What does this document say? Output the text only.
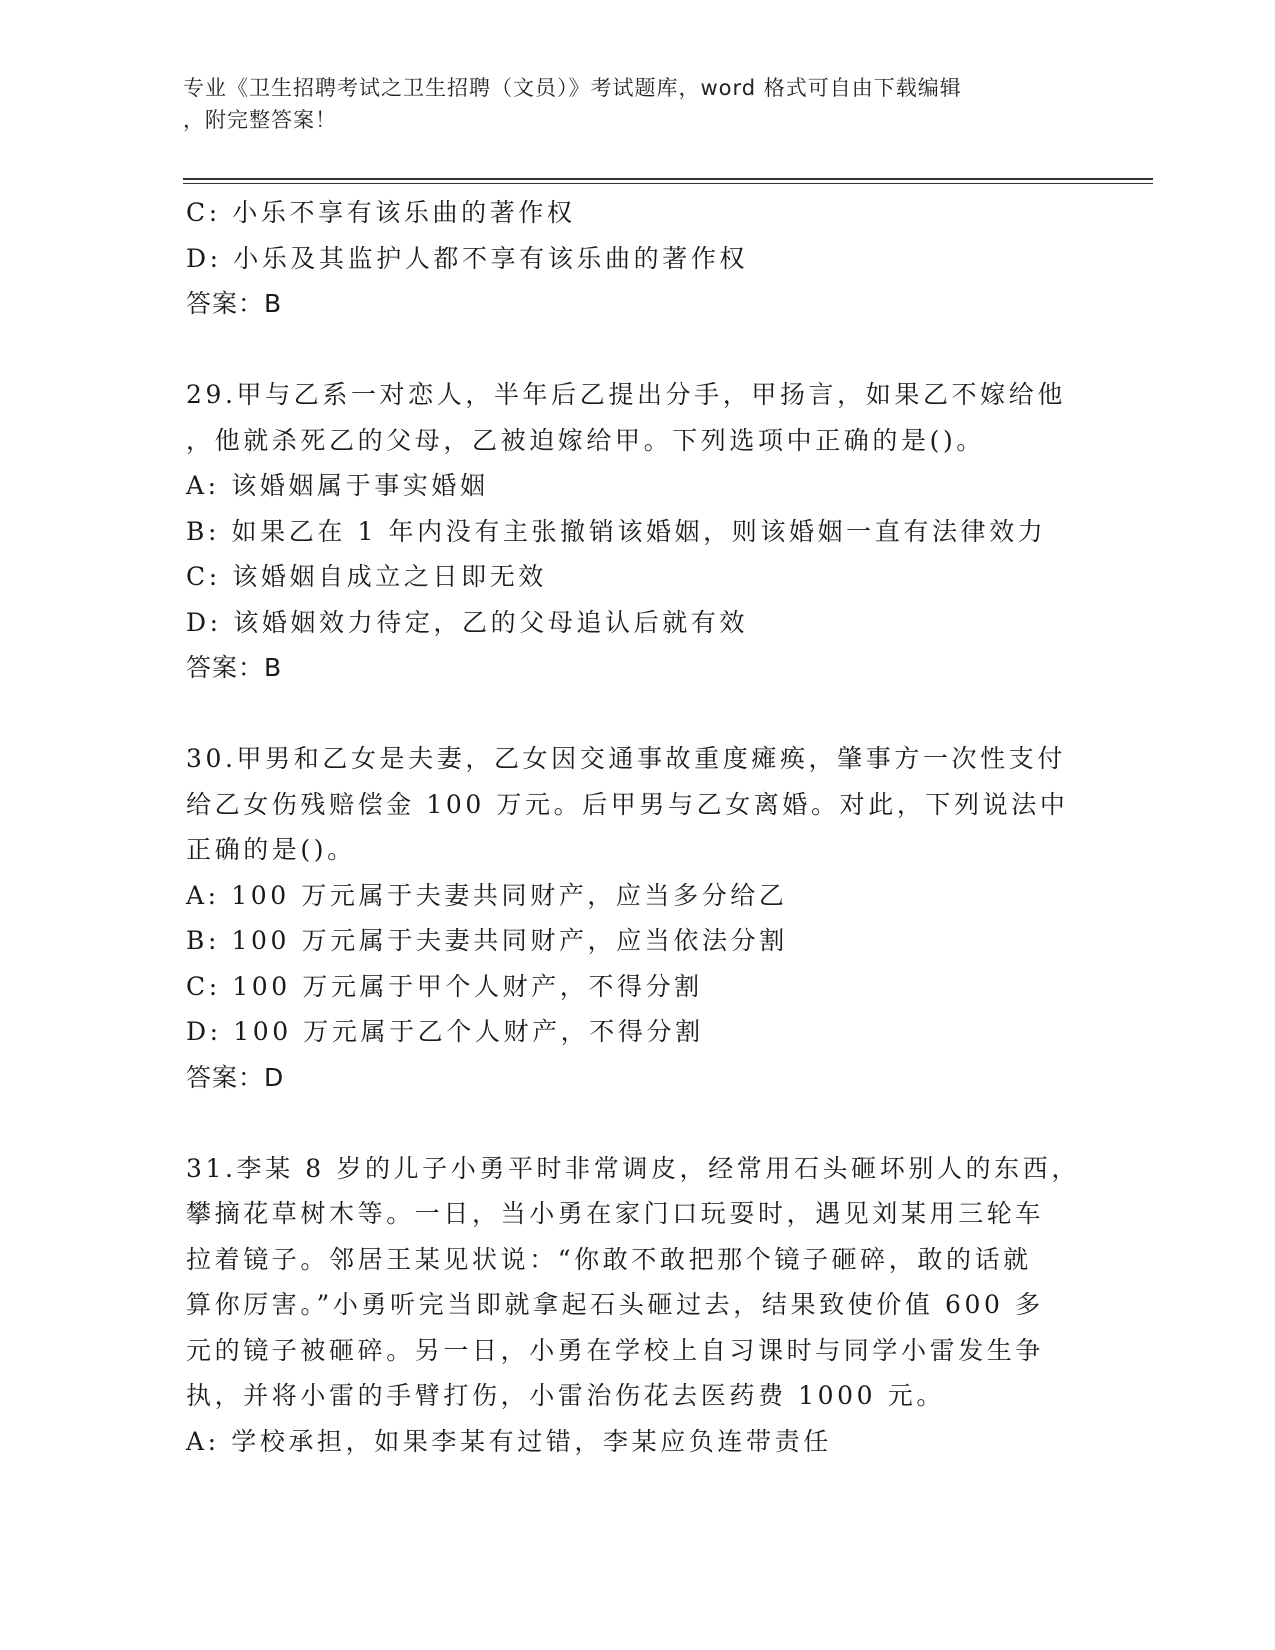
专业《卫生招聘考试之卫生招聘（文员）》考试题库，word 格式可自由下载编辑
，附完整答案！
C: 小乐不享有该乐曲的著作权
D: 小乐及其监护人都不享有该乐曲的著作权
答案：B
29.甲与乙系一对恋人，半年后乙提出分手，甲扬言，如果乙不嫁给他
，他就杀死乙的父母，乙被迫嫁给甲。下列选项中正确的是()。
A: 该婚姻属于事实婚姻
B: 如果乙在 1 年内没有主张撤销该婚姻，则该婚姻一直有法律效力
C: 该婚姻自成立之日即无效
D: 该婚姻效力待定，乙的父母追认后就有效
答案：B
30.甲男和乙女是夫妻，乙女因交通事故重度瘫痪，肇事方一次性支付
给乙女伤残赔偿金 100 万元。后甲男与乙女离婚。对此，下列说法中
正确的是()。
A: 100 万元属于夫妻共同财产，应当多分给乙
B: 100 万元属于夫妻共同财产，应当依法分割
C: 100 万元属于甲个人财产，不得分割
D: 100 万元属于乙个人财产，不得分割
答案：D
31.李某 8 岁的儿子小勇平时非常调皮，经常用石头砸坏别人的东西，
攀摘花草树木等。一日，当小勇在家门口玩耍时，遇见刘某用三轮车
拉着镜子。邻居王某见状说：“你敢不敢把那个镜子砸碎，敢的话就
算你厉害。”小勇听完当即就拿起石头砸过去，结果致使价值 600 多
元的镜子被砸碎。另一日，小勇在学校上自习课时与同学小雷发生争
执，并将小雷的手臂打伤，小雷治伤花去医药费 1000 元。
A: 学校承担，如果李某有过错，李某应负连带责任
